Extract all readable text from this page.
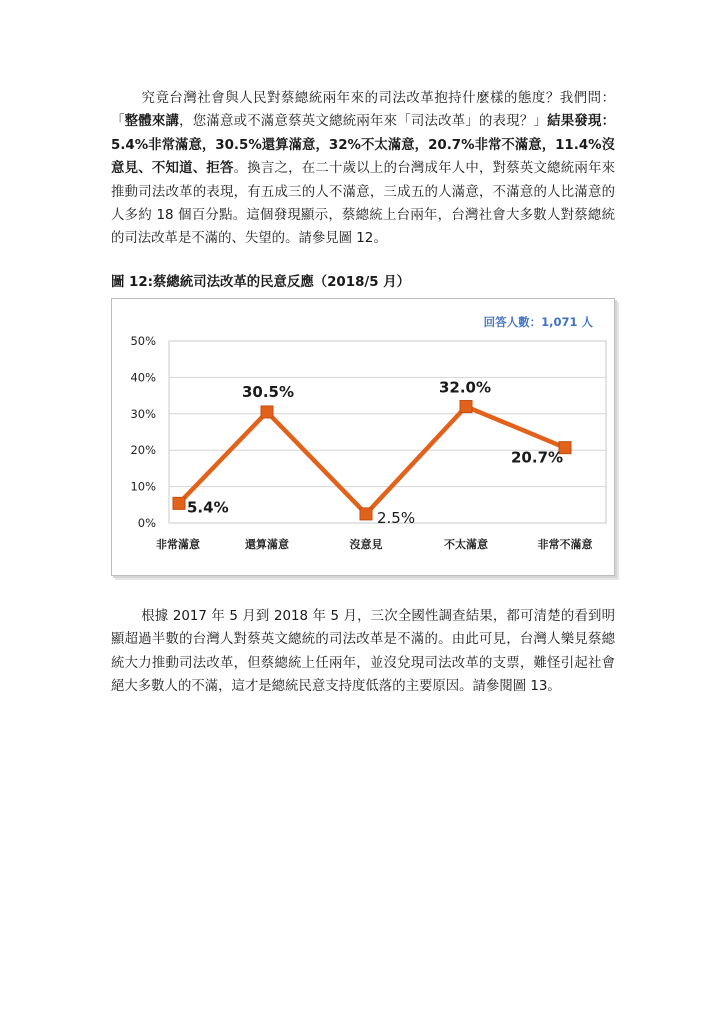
究竟台灣社會與人民對蔡總統兩年來的司法改革抱持什麼樣的態度？我們問：「整體來講，您滿意或不滿意蔡英文總統兩年來「司法改革」的表現？」結果發現：5.4%非常滿意，30.5%還算滿意，32%不太滿意，20.7%非常不滿意，11.4%沒意見、不知道、拒答。換言之，在二十歲以上的台灣成年人中，對蔡英文總統兩年來推動司法改革的表現，有五成三的人不滿意，三成五的人滿意，不滿意的人比滿意的人多約 18 個百分點。這個發現顯示，蔡總統上台兩年，台灣社會大多數人對蔡總統的司法改革是不滿的、失望的。請參見圖 12。

圖 12:蔡總統司法改革的民意反應（2018/5 月）

0%
10%
20%
30%
40%
50%
非常滿意	還算滿意	沒意見	不太滿意	非常不滿意
5.4%
30.5%
2.5%
32.0%
20.7%
回答人數：1,071 人

根據 2017 年 5 月到 2018 年 5 月，三次全國性調查結果，都可清楚的看到明顯超過半數的台灣人對蔡英文總統的司法改革是不滿的。由此可見，台灣人樂見蔡總統大力推動司法改革，但蔡總統上任兩年，並沒兌現司法改革的支票，難怪引起社會絕大多數人的不滿，這才是總統民意支持度低落的主要原因。請參閱圖 13。
